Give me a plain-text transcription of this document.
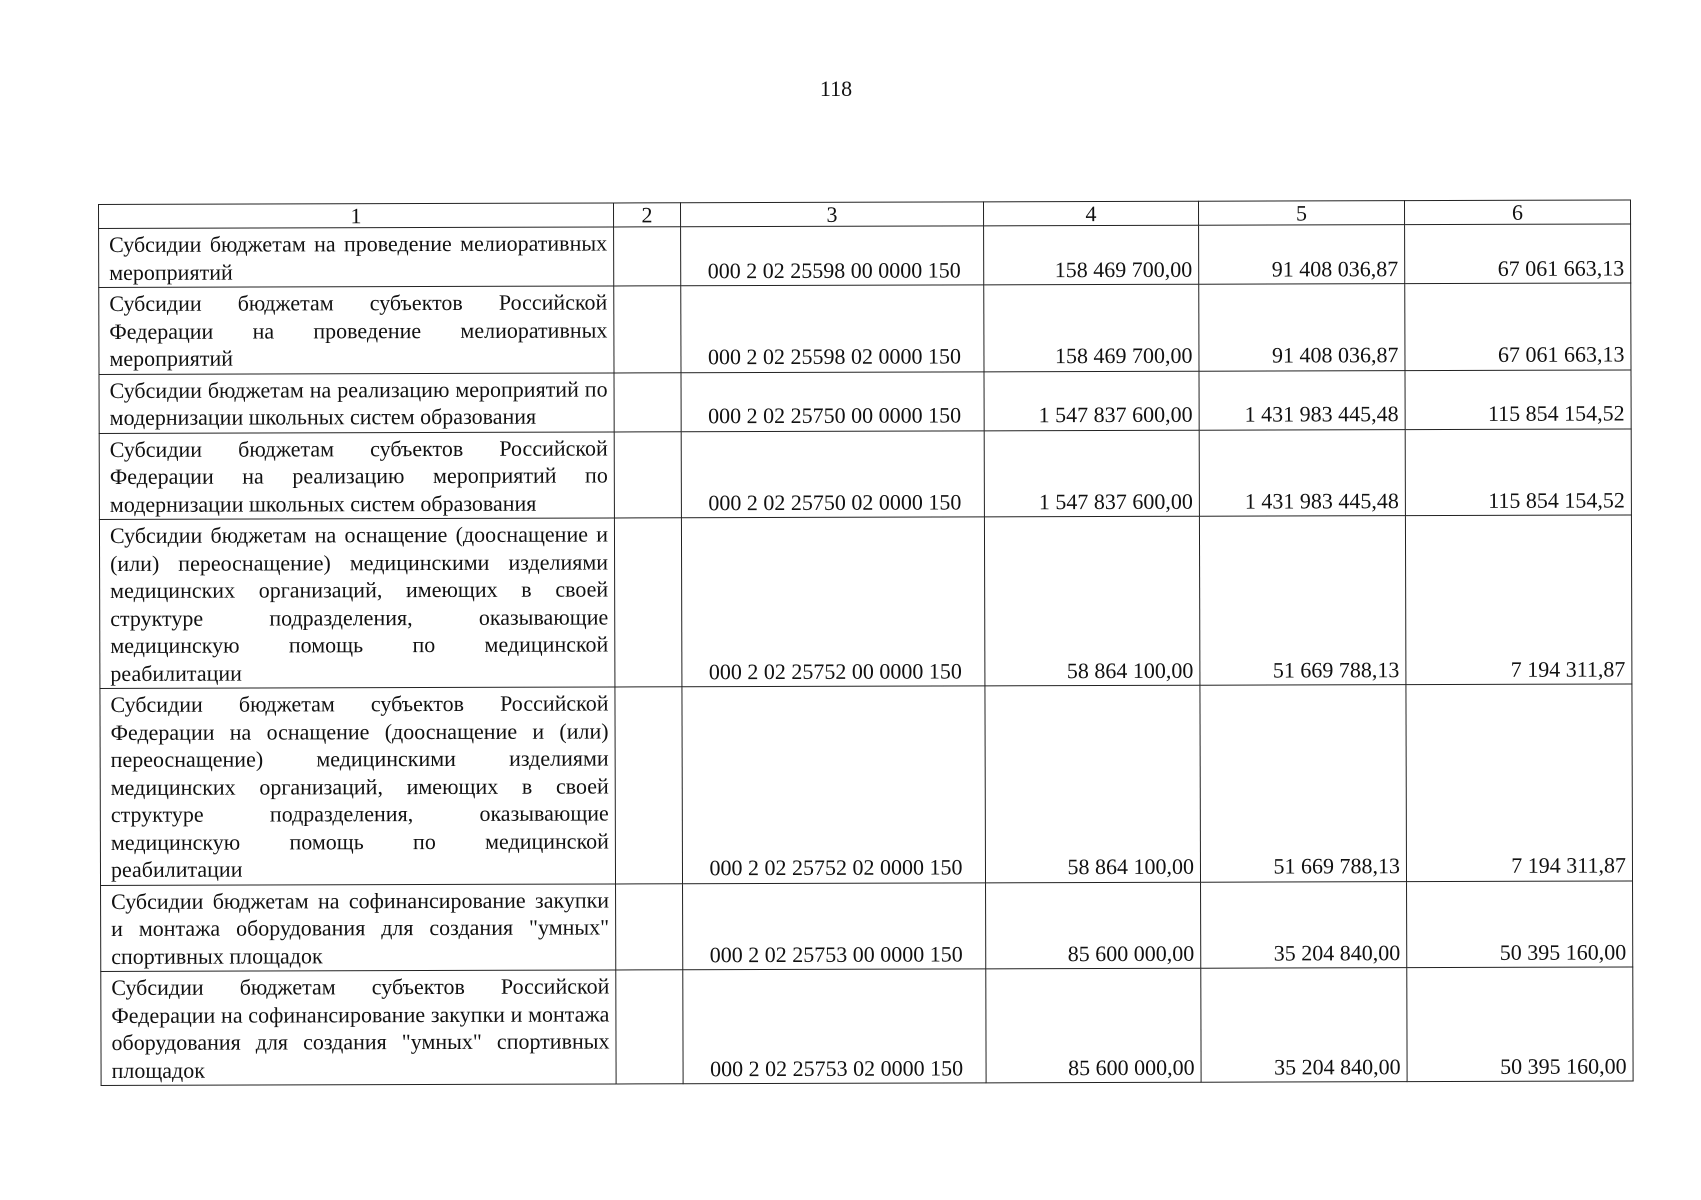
118
1	2	3	4	5	6
Субсидии бюджетам на проведение мелиоративных мероприятий		000 2 02 25598 00 0000 150	158 469 700,00	91 408 036,87	67 061 663,13
Субсидии бюджетам субъектов Российской Федерации на проведение мелиоративных мероприятий		000 2 02 25598 02 0000 150	158 469 700,00	91 408 036,87	67 061 663,13
Субсидии бюджетам на реализацию мероприятий по модернизации школьных систем образования		000 2 02 25750 00 0000 150	1 547 837 600,00	1 431 983 445,48	115 854 154,52
Субсидии бюджетам субъектов Российской Федерации на реализацию мероприятий по модернизации школьных систем образования		000 2 02 25750 02 0000 150	1 547 837 600,00	1 431 983 445,48	115 854 154,52
Субсидии бюджетам на оснащение (дооснащение и (или) переоснащение) медицинскими изделиями медицинских организаций, имеющих в своей структуре подразделения, оказывающие медицинскую помощь по медицинской реабилитации		000 2 02 25752 00 0000 150	58 864 100,00	51 669 788,13	7 194 311,87
Субсидии бюджетам субъектов Российской Федерации на оснащение (дооснащение и (или) переоснащение) медицинскими изделиями медицинских организаций, имеющих в своей структуре подразделения, оказывающие медицинскую помощь по медицинской реабилитации		000 2 02 25752 02 0000 150	58 864 100,00	51 669 788,13	7 194 311,87
Субсидии бюджетам на софинансирование закупки и монтажа оборудования для создания "умных" спортивных площадок		000 2 02 25753 00 0000 150	85 600 000,00	35 204 840,00	50 395 160,00
Субсидии бюджетам субъектов Российской Федерации на софинансирование закупки и монтажа оборудования для создания "умных" спортивных площадок		000 2 02 25753 02 0000 150	85 600 000,00	35 204 840,00	50 395 160,00
